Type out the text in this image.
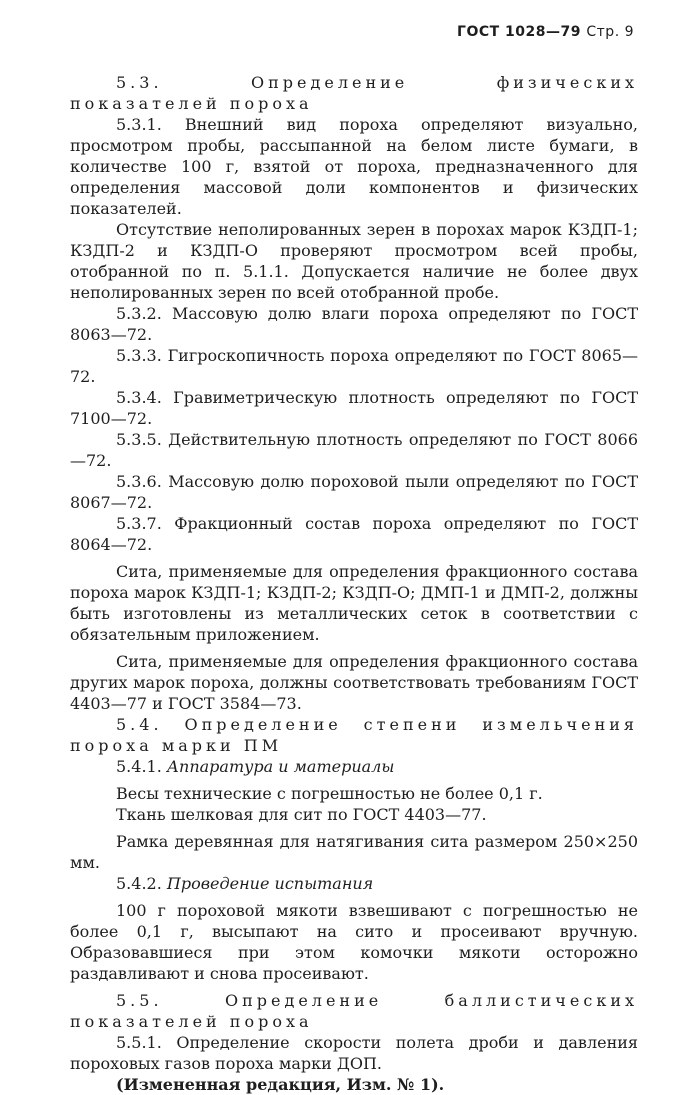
ГОСТ 1028—79 Стр. 9

5.3. Определение физических показателей пороха

5.3.1. Внешний вид пороха определяют визуально, просмотром пробы, рассыпанной на белом листе бумаги, в количестве 100 г, взятой от пороха, предназначенного для определения массовой доли компонентов и физических показателей.

Отсутствие неполированных зерен в порохах марок КЗДП-1; КЗДП-2 и КЗДП-О проверяют просмотром всей пробы, отобранной по п. 5.1.1. Допускается наличие не более двух неполированных зерен по всей отобранной пробе.

5.3.2. Массовую долю влаги пороха определяют по ГОСТ 8063—72.

5.3.3. Гигроскопичность пороха определяют по ГОСТ 8065—72.

5.3.4. Гравиметрическую плотность определяют по ГОСТ 7100—72.

5.3.5. Действительную плотность определяют по ГОСТ 8066—72.

5.3.6. Массовую долю пороховой пыли определяют по ГОСТ 8067—72.

5.3.7. Фракционный состав пороха определяют по ГОСТ 8064—72.

Сита, применяемые для определения фракционного состава пороха марок КЗДП-1; КЗДП-2; КЗДП-О; ДМП-1 и ДМП-2, должны быть изготовлены из металлических сеток в соответствии с обязательным приложением.

Сита, применяемые для определения фракционного состава других марок пороха, должны соответствовать требованиям ГОСТ 4403—77 и ГОСТ 3584—73.

5.4. Определение степени измельчения пороха марки ПМ

5.4.1. Аппаратура и материалы

Весы технические с погрешностью не более 0,1 г.

Ткань шелковая для сит по ГОСТ 4403—77.

Рамка деревянная для натягивания сита размером 250×250 мм.

5.4.2. Проведение испытания

100 г пороховой мякоти взвешивают с погрешностью не более 0,1 г, высыпают на сито и просеивают вручную. Образовавшиеся при этом комочки мякоти осторожно раздавливают и снова просеивают.

5.5. Определение баллистических показателей пороха

5.5.1. Определение скорости полета дроби и давления пороховых газов пороха марки ДОП.

(Измененная редакция, Изм. № 1).
